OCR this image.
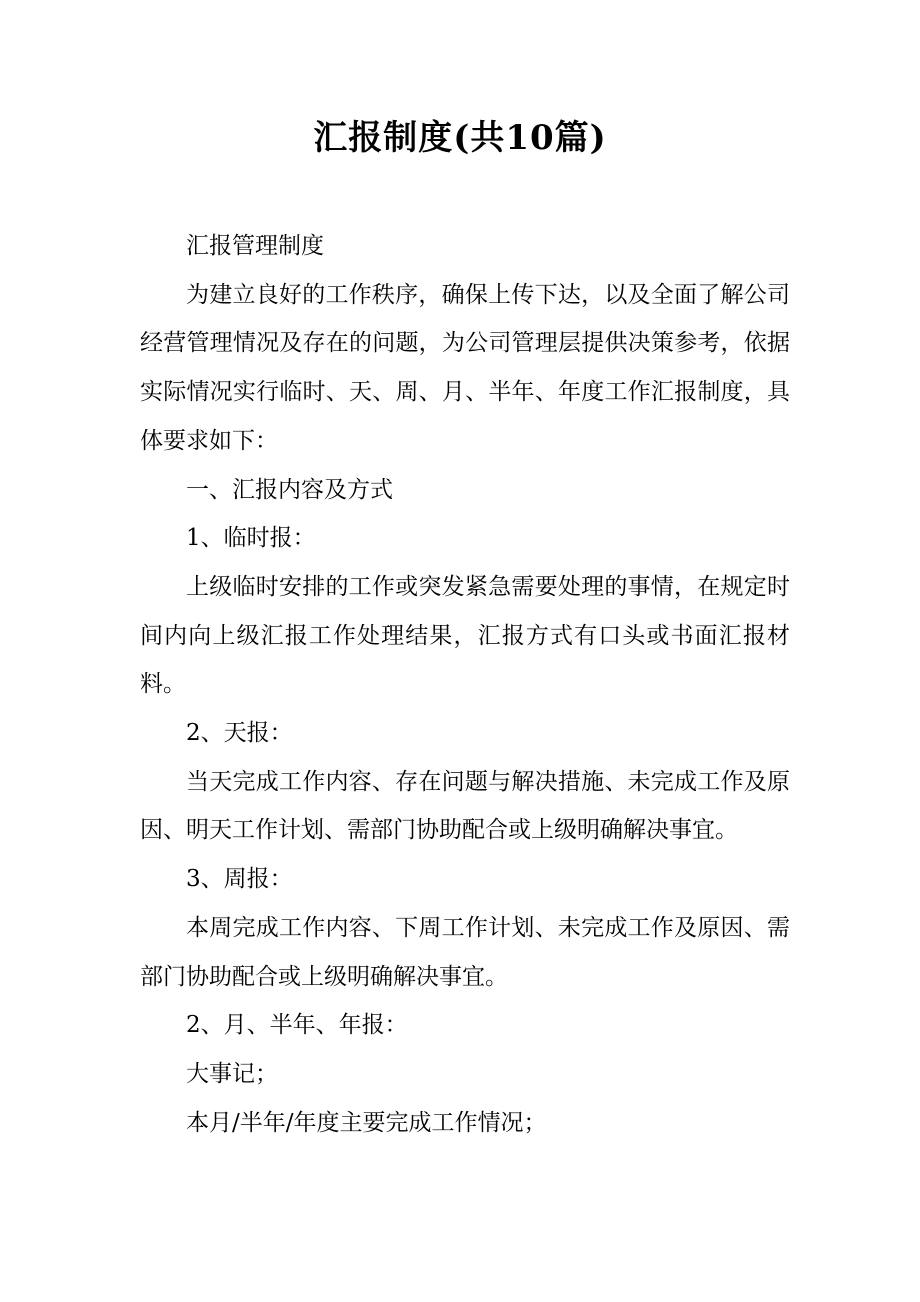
汇报制度(共10篇)

汇报管理制度

为建立良好的工作秩序，确保上传下达，以及全面了解公司经营管理情况及存在的问题，为公司管理层提供决策参考，依据实际情况实行临时、天、周、月、半年、年度工作汇报制度，具体要求如下：

一、汇报内容及方式

1、临时报：

上级临时安排的工作或突发紧急需要处理的事情，在规定时间内向上级汇报工作处理结果，汇报方式有口头或书面汇报材料。

2、天报：

当天完成工作内容、存在问题与解决措施、未完成工作及原因、明天工作计划、需部门协助配合或上级明确解决事宜。

3、周报：

本周完成工作内容、下周工作计划、未完成工作及原因、需部门协助配合或上级明确解决事宜。

2、月、半年、年报：

大事记；

本月/半年/年度主要完成工作情况；
